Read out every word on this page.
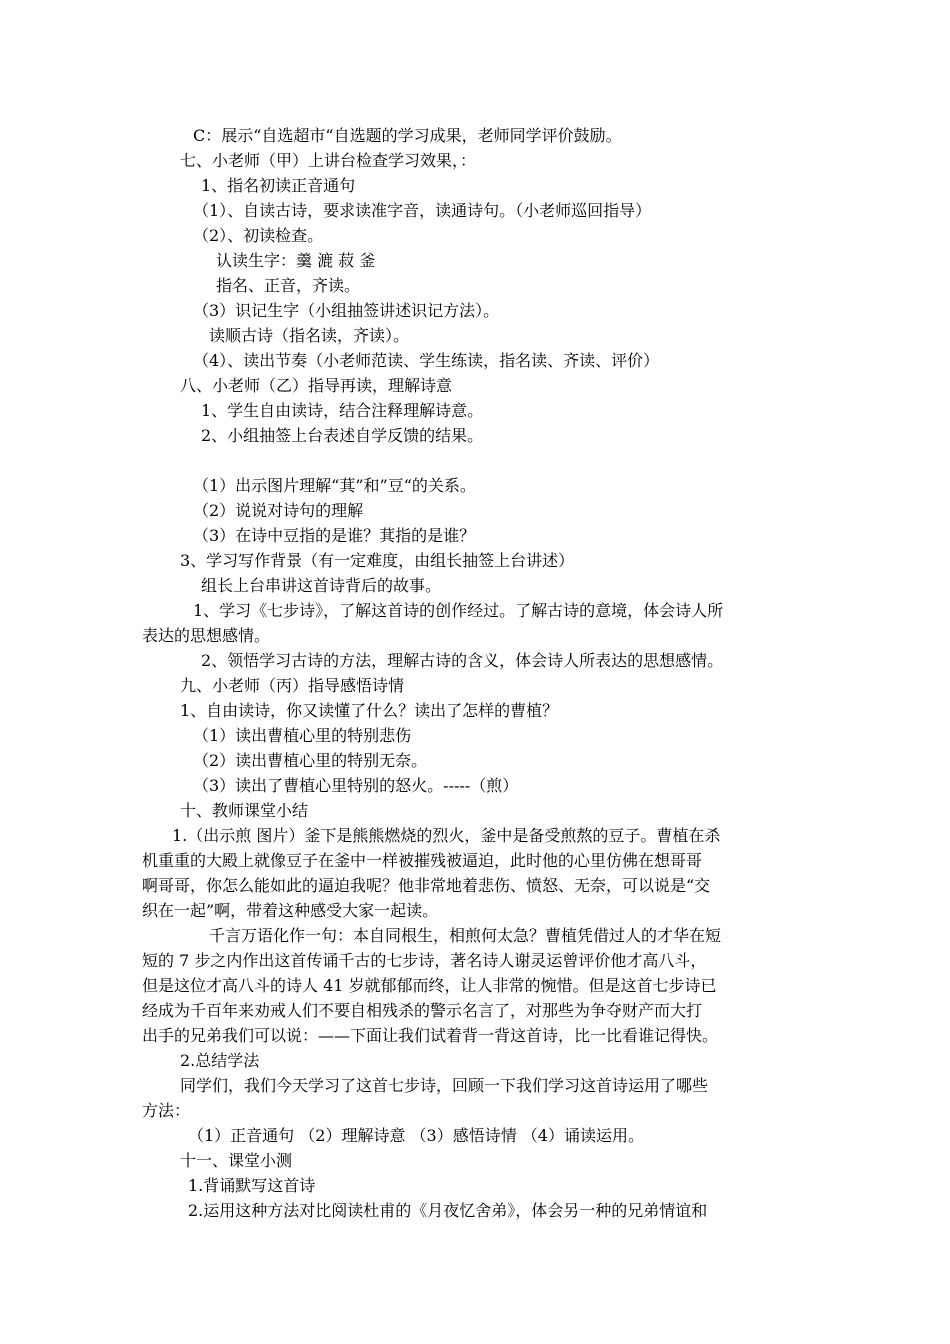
C：展示“自选超市“自选题的学习成果，老师同学评价鼓励。
七、小老师（甲）上讲台检查学习效果，：
1、指名初读正音通句
（1）、自读古诗，要求读准字音，读通诗句。（小老师巡回指导）
（2）、初读检查。
认读生字：羹 漉 菽 釜
指名、正音，齐读。
（3）识记生字（小组抽签讲述识记方法）。
读顺古诗（指名读，齐读）。
（4）、读出节奏（小老师范读、学生练读，指名读、齐读、评价）
八、小老师（乙）指导再读，理解诗意
1、学生自由读诗，结合注释理解诗意。
2、小组抽签上台表述自学反馈的结果。
（1）出示图片理解“萁”和”豆“的关系。
（2）说说对诗句的理解
（3）在诗中豆指的是谁？萁指的是谁？
3、学习写作背景（有一定难度，由组长抽签上台讲述）
组长上台串讲这首诗背后的故事。
1、学习《七步诗》，了解这首诗的创作经过。了解古诗的意境，体会诗人所
表达的思想感情。
2、领悟学习古诗的方法，理解古诗的含义，体会诗人所表达的思想感情。
九、小老师（丙）指导感悟诗情
1、自由读诗，你又读懂了什么？读出了怎样的曹植？
（1）读出曹植心里的特别悲伤
（2）读出曹植心里的特别无奈。
（3）读出了曹植心里特别的怒火。-----（煎）
十、教师课堂小结
1.（出示煎 图片）釜下是熊熊燃烧的烈火，釜中是备受煎熬的豆子。曹植在杀
机重重的大殿上就像豆子在釜中一样被摧残被逼迫，此时他的心里仿佛在想哥哥
啊哥哥，你怎么能如此的逼迫我呢？他非常地着悲伤、愤怒、无奈，可以说是“交
织在一起”啊，带着这种感受大家一起读。
千言万语化作一句：本自同根生，相煎何太急？曹植凭借过人的才华在短
短的 7 步之内作出这首传诵千古的七步诗，著名诗人谢灵运曾评价他才高八斗，
但是这位才高八斗的诗人 41 岁就郁郁而终，让人非常的惋惜。但是这首七步诗已
经成为千百年来劝戒人们不要自相残杀的警示名言了，对那些为争夺财产而大打
出手的兄弟我们可以说：——下面让我们试着背一背这首诗，比一比看谁记得快。
2.总结学法
同学们，我们今天学习了这首七步诗，回顾一下我们学习这首诗运用了哪些
方法：
（1）正音通句 （2）理解诗意 （3）感悟诗情 （4）诵读运用。
十一、课堂小测
1.背诵默写这首诗
2.运用这种方法对比阅读杜甫的《月夜忆舍弟》，体会另一种的兄弟情谊和
